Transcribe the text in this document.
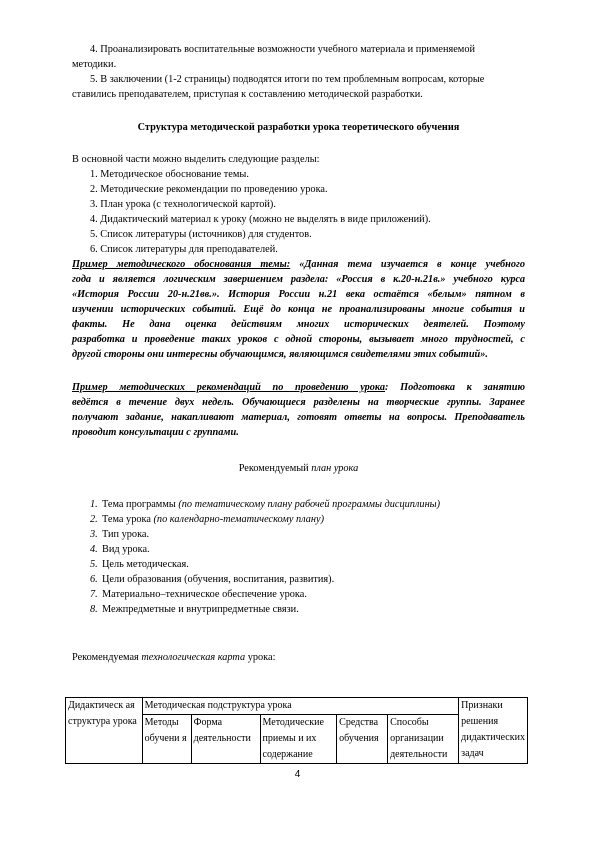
4. Проанализировать воспитательные возможности учебного материала и применяемой
методики.
5. В заключении (1-2 страницы) подводятся итоги по тем проблемным вопросам, которые
ставились преподавателем, приступая к составлению методической разработки.
Структура методической разработки урока теоретического обучения
В основной части можно выделить следующие разделы:
1. Методическое обоснование темы.
2. Методические рекомендации по проведению урока.
3. План урока (с технологической картой).
4. Дидактический материал к уроку (можно не выделять в виде приложений).
5. Список литературы (источников) для студентов.
6. Список литературы для преподавателей.
Пример методического обоснования темы: «Данная тема изучается в конце учебного
года и является логическим завершением раздела: «Россия в к.20-н.21в.» учебного курса
«История России 20-н.21вв.». История России н.21 века остаётся «белым» пятном в
изучении исторических событий. Ещё до конца не проанализированы многие события и
факты. Не дана оценка действиям многих исторических деятелей. Поэтому
разработка и проведение таких уроков с одной стороны, вызывает много трудностей, с
другой стороны они интересны обучающимся, являющимся свидетелями этих событий».
Пример методических рекомендаций по проведению урока: Подготовка к занятию
ведётся в течение двух недель. Обучающиеся разделены на творческие группы. Заранее
получают задание, накапливают материал, готовят ответы на вопросы. Преподаватель
проводит консультации с группами.
Рекомендуемый план урока
1. Тема программы (по тематическому плану рабочей программы дисциплины)
2. Тема урока (по календарно-тематическому плану)
3. Тип урока.
4. Вид урока.
5. Цель методическая.
6. Цели образования (обучения, воспитания, развития).
7. Материально–техническое обеспечение урока.
8. Межпредметные и внутрипредметные связи.
Рекомендуемая технологическая карта урока:
Дидактическ ая структура урока	Методическая подструктура урока					Признаки решения дидактических задач
	Методы обучени я	Форма деятельности	Методические приемы и их содержание	Средства обучения	Способы организации деятельности	
4
